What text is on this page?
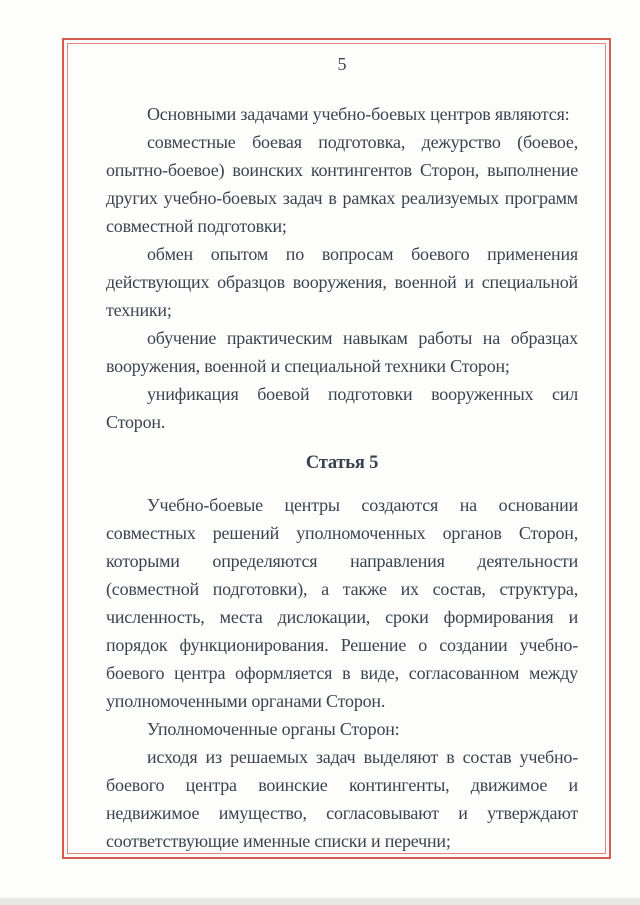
5

Основными задачами учебно-боевых центров являются:

совместные боевая подготовка, дежурство (боевое, опытно-боевое) воинских контингентов Сторон, выполнение других учебно-боевых задач в рамках реализуемых программ совместной подготовки;

обмен опытом по вопросам боевого применения действующих образцов вооружения, военной и специальной техники;

обучение практическим навыкам работы на образцах вооружения, военной и специальной техники Сторон;

унификация боевой подготовки вооруженных сил Сторон.

Статья 5

Учебно-боевые центры создаются на основании совместных решений уполномоченных органов Сторон, которыми определяются направления деятельности (совместной подготовки), а также их состав, структура, численность, места дислокации, сроки формирования и порядок функционирования. Решение о создании учебно-боевого центра оформляется в виде, согласованном между уполномоченными органами Сторон.

Уполномоченные органы Сторон:

исходя из решаемых задач выделяют в состав учебно-боевого центра воинские контингенты, движимое и недвижимое имущество, согласовывают и утверждают соответствующие именные списки и перечни;
